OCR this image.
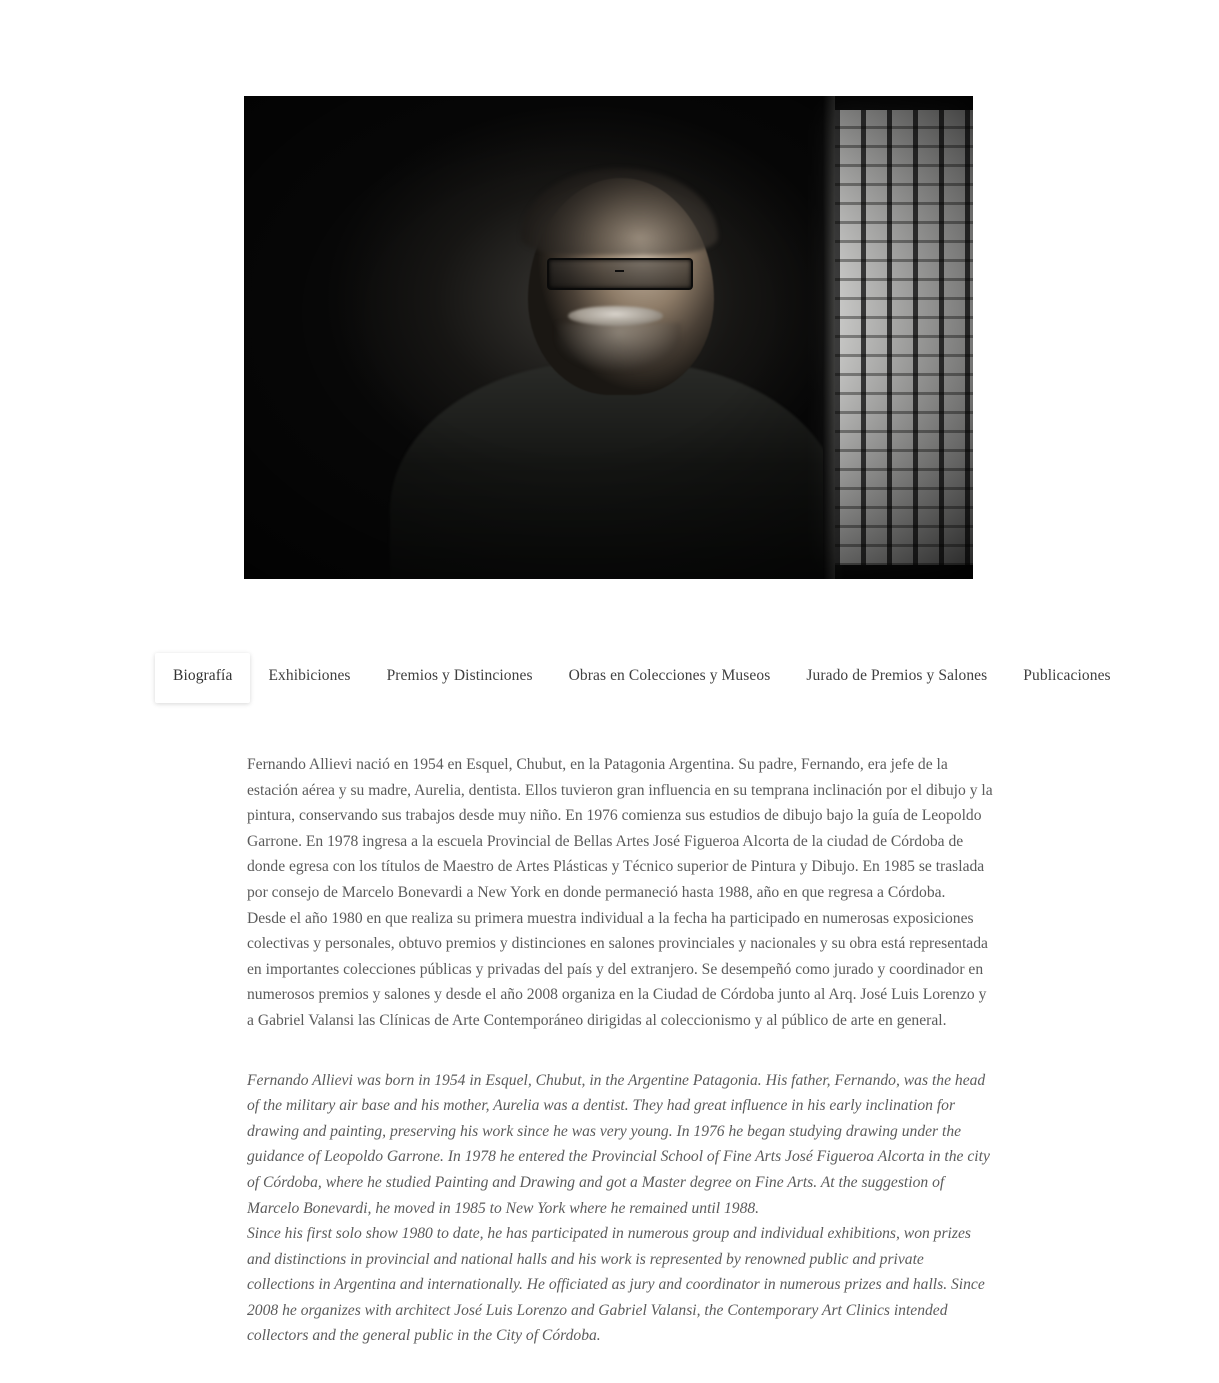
Biografía	Exhibiciones	Premios y Distinciones	Obras en Colecciones y Museos	Jurado de Premios y Salones	Publicaciones

Fernando Allievi nació en 1954 en Esquel, Chubut, en la Patagonia Argentina. Su padre, Fernando, era jefe de la estación aérea y su madre, Aurelia, dentista. Ellos tuvieron gran influencia en su temprana inclinación por el dibujo y la pintura, conservando sus trabajos desde muy niño. En 1976 comienza sus estudios de dibujo bajo la guía de Leopoldo Garrone. En 1978 ingresa a la escuela Provincial de Bellas Artes José Figueroa Alcorta de la ciudad de Córdoba de donde egresa con los títulos de Maestro de Artes Plásticas y Técnico superior de Pintura y Dibujo. En 1985 se traslada por consejo de Marcelo Bonevardi a New York en donde permaneció hasta 1988, año en que regresa a Córdoba.

Desde el año 1980 en que realiza su primera muestra individual a la fecha ha participado en numerosas exposiciones colectivas y personales, obtuvo premios y distinciones en salones provinciales y nacionales y su obra está representada en importantes colecciones públicas y privadas del país y del extranjero. Se desempeñó como jurado y coordinador en numerosos premios y salones y desde el año 2008 organiza en la Ciudad de Córdoba junto al Arq. José Luis Lorenzo y a Gabriel Valansi las Clínicas de Arte Contemporáneo dirigidas al coleccionismo y al público de arte en general.

Fernando Allievi was born in 1954 in Esquel, Chubut, in the Argentine Patagonia. His father, Fernando, was the head of the military air base and his mother, Aurelia was a dentist. They had great influence in his early inclination for drawing and painting, preserving his work since he was very young. In 1976 he began studying drawing under the guidance of Leopoldo Garrone. In 1978 he entered the Provincial School of Fine Arts José Figueroa Alcorta in the city of Córdoba, where he studied Painting and Drawing and got a Master degree on Fine Arts. At the suggestion of Marcelo Bonevardi, he moved in 1985 to New York where he remained until 1988.

Since his first solo show 1980 to date, he has participated in numerous group and individual exhibitions, won prizes and distinctions in provincial and national halls and his work is represented by renowned public and private collections in Argentina and internationally. He officiated as jury and coordinator in numerous prizes and halls. Since 2008 he organizes with architect José Luis Lorenzo and Gabriel Valansi, the Contemporary Art Clinics intended collectors and the general public in the City of Córdoba.
